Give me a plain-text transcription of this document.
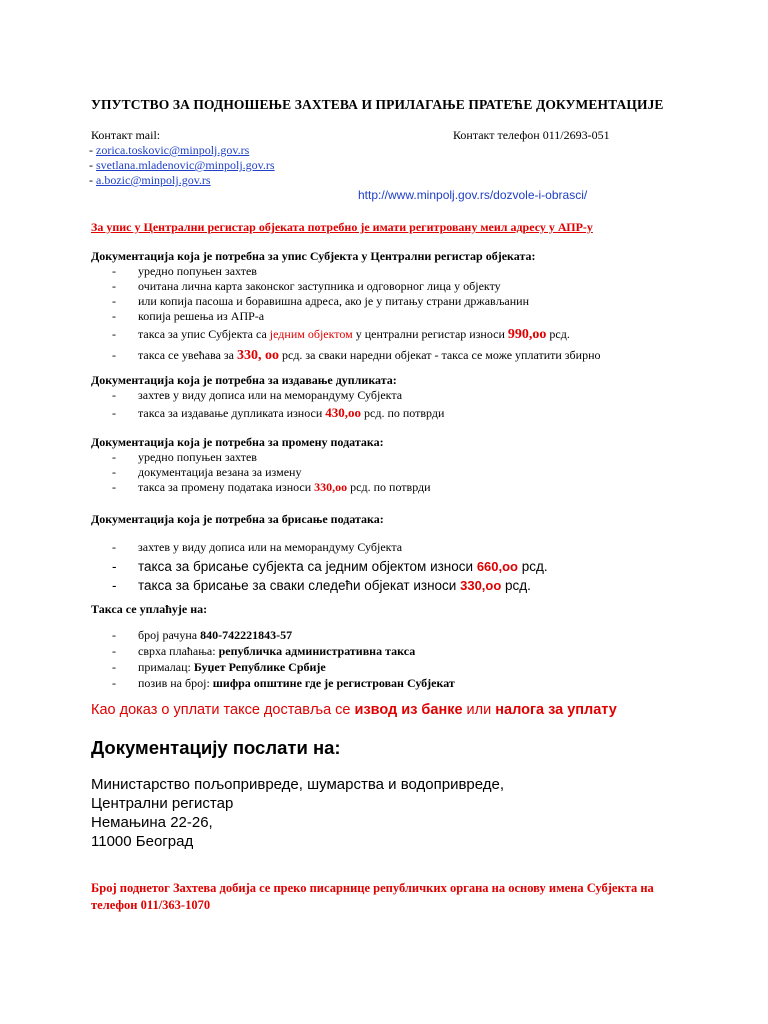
УПУТСТВО ЗА ПОДНОШЕЊЕ ЗАХТЕВА И ПРИЛАГАЊЕ ПРАТЕЋЕ ДОКУМЕНТАЦИЈЕ
Контакт mail:	Контакт телефон 011/2693-051
- zorica.toskovic@minpolj.gov.rs
- svetlana.mladenovic@minpolj.gov.rs
- a.bozic@minpolj.gov.rs
http://www.minpolj.gov.rs/dozvole-i-obrasci/
За упис у Централни регистар објеката потребно је имати регитровану меил адресу у АПР-у
Документација која је потребна за упис Субјекта у Централни регистар објеката:
- уредно попуњен захтев
- очитана лична карта законског заступника и одговорног лица у објекту
- или копија пасоша и боравишна адреса, ако је у питању страни држављанин
- копија решења из АПР-а
- такса за упис Субјекта са једним објектом у централни регистар износи 990,oo рсд.
- такса се увећава за 330, oo рсд. за сваки наредни објекат - такса се може уплатити збирно
Документација која је потребна за издавање дупликата:
- захтев у виду дописа или на меморандуму Субјекта
- такса за издавање дупликата износи 430,oo рсд. по потврди
Документација која је потребна за промену података:
- уредно попуњен захтев
- документација везана за измену
- такса за промену података износи 330,oo рсд. по потврди
Документација која је потребна за брисање података:
- захтев у виду дописа или на меморандуму Субјекта
- такса за брисање субјекта са једним објектом износи 660,oo рсд.
- такса за брисање за сваки следећи објекат износи 330,oo рсд.
Такса се уплаћује на:
- број рачуна 840-742221843-57
- сврха плаћања: републичка административна такса
- прималац: Буџет Републике Србије
- позив на број: шифра општине где је регистрован Субјекат
Као доказ о уплати таксе доставља се извод из банке или налога за уплату
Документацију послати на:
Министарство пољопривреде, шумарства и водопривреде,
Централни регистар
Немањина 22-26,
11000 Београд
Број поднетог Захтева добија се преко писарнице републичких органа на основу имена Субјекта на телефон 011/363-1070
